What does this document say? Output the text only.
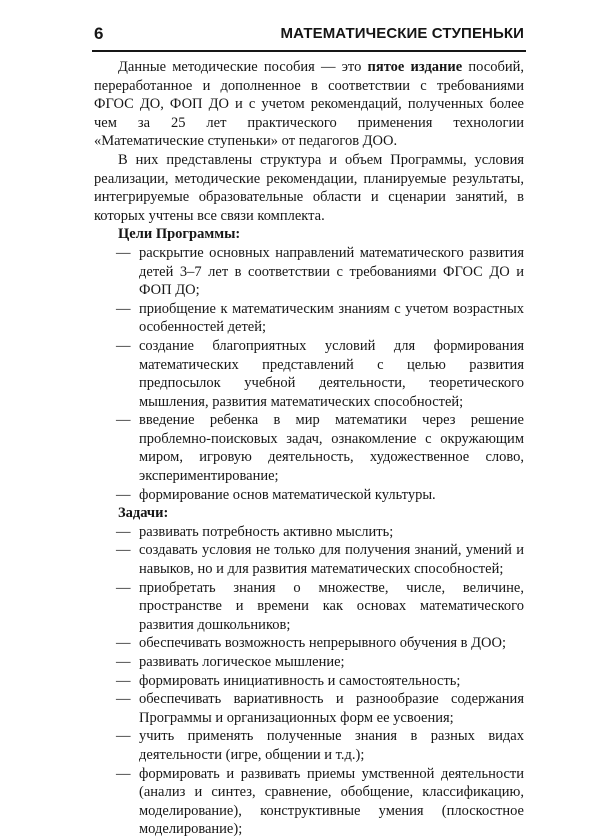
6	МАТЕМАТИЧЕСКИЕ СТУПЕНЬКИ

Данные методические пособия — это пятое издание пособий, переработанное и дополненное в соответствии с требованиями ФГОС ДО, ФОП ДО и с учетом рекомендаций, полученных более чем за 25 лет практического применения технологии «Математические ступеньки» от педагогов ДОО.

В них представлены структура и объем Программы, условия реализации, методические рекомендации, планируемые результаты, интегрируемые образовательные области и сценарии занятий, в которых учтены все связи комплекта.

Цели Программы:
— раскрытие основных направлений математического развития детей 3–7 лет в соответствии с требованиями ФГОС ДО и ФОП ДО;
— приобщение к математическим знаниям с учетом возрастных особенностей детей;
— создание благоприятных условий для формирования математических представлений с целью развития предпосылок учебной деятельности, теоретического мышления, развития математических способностей;
— введение ребенка в мир математики через решение проблемно-поисковых задач, ознакомление с окружающим миром, игровую деятельность, художественное слово, экспериментирование;
— формирование основ математической культуры.
Задачи:
— развивать потребность активно мыслить;
— создавать условия не только для получения знаний, умений и навыков, но и для развития математических способностей;
— приобретать знания о множестве, числе, величине, пространстве и времени как основах математического развития дошкольников;
— обеспечивать возможность непрерывного обучения в ДОО;
— развивать логическое мышление;
— формировать инициативность и самостоятельность;
— обеспечивать вариативность и разнообразие содержания Программы и организационных форм ее усвоения;
— учить применять полученные знания в разных видах деятельности (игре, общении и т.д.);
— формировать и развивать приемы умственной деятельности (анализ и синтез, сравнение, обобщение, классификацию, моделирование), конструктивные умения (плоскостное моделирование);
